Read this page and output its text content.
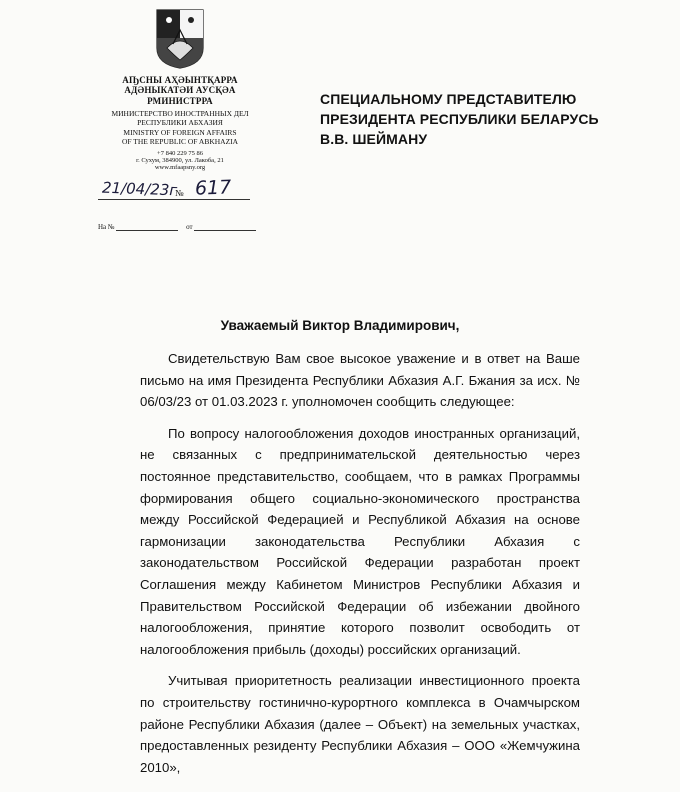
АҦСНЫ АҲӘЫНТҚАРРА
АДӘНЫКАТӘИ АУСҚӘА
РМИНИСТРРА
МИНИСТЕРСТВО ИНОСТРАННЫХ ДЕЛ
РЕСПУБЛИКИ АБХАЗИЯ
MINISTRY OF FOREIGN AFFAIRS
OF THE REPUBLIC OF ABKHAZIA
+7 840 229 75 86
г. Сухум, 384900, ул. Лакоба, 21
www.mfaapsny.org
21/04/23г
№ 617
На №	от
СПЕЦИАЛЬНОМУ ПРЕДСТАВИТЕЛЮ
ПРЕЗИДЕНТА РЕСПУБЛИКИ БЕЛАРУСЬ
В.В. ШЕЙМАНУ
Уважаемый Виктор Владимирович,

Свидетельствую Вам свое высокое уважение и в ответ на Ваше письмо на имя Президента Республики Абхазия А.Г. Бжания за исх. № 06/03/23 от 01.03.2023 г. уполномочен сообщить следующее:

По вопросу налогообложения доходов иностранных организаций, не связанных с предпринимательской деятельностью через постоянное представительство, сообщаем, что в рамках Программы формирования общего социально-экономического пространства между Российской Федерацией и Республикой Абхазия на основе гармонизации законодательства Республики Абхазия с законодательством Российской Федерации разработан проект Соглашения между Кабинетом Министров Республики Абхазия и Правительством Российской Федерации об избежании двойного налогообложения, принятие которого позволит освободить от налогообложения прибыль (доходы) российских организаций.

Учитывая приоритетность реализации инвестиционного проекта по строительству гостинично-курортного комплекса в Очамчырском районе Республики Абхазия (далее – Объект) на земельных участках, предоставленных резиденту Республики Абхазия – ООО «Жемчужина 2010»,
